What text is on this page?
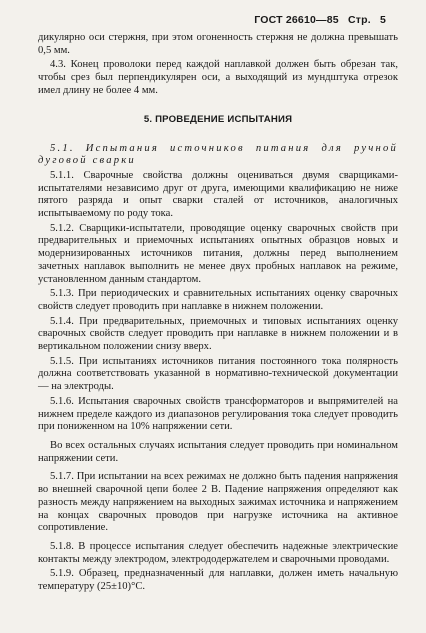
ГОСТ 26610—85 Стр. 5

дикулярно оси стержня, при этом огоненность стержня не должна превышать 0,5 мм.

4.3. Конец проволоки перед каждой наплавкой должен быть обрезан так, чтобы срез был перпендикулярен оси, а выходящий из мундштука отрезок имел длину не более 4 мм.

5. ПРОВЕДЕНИЕ ИСПЫТАНИЯ

5.1. Испытания источников питания для ручной дуговой сварки

5.1.1. Сварочные свойства должны оцениваться двумя сварщиками-испытателями независимо друг от друга, имеющими квалификацию не ниже пятого разряда и опыт сварки сталей от источников, аналогичных испытываемому по роду тока.

5.1.2. Сварщики-испытатели, проводящие оценку сварочных свойств при предварительных и приемочных испытаниях опытных образцов новых и модернизированных источников питания, должны перед выполнением зачетных наплавок выполнить не менее двух пробных наплавок на режиме, установленном данным стандартом.

5.1.3. При периодических и сравнительных испытаниях оценку сварочных свойств следует проводить при наплавке в нижнем положении.

5.1.4. При предварительных, приемочных и типовых испытаниях оценку сварочных свойств следует проводить при наплавке в нижнем положении и в вертикальном положении снизу вверх.

5.1.5. При испытаниях источников питания постоянного тока полярность должна соответствовать указанной в нормативно-технической документации — на электроды.

5.1.6. Испытания сварочных свойств трансформаторов и выпрямителей на нижнем пределе каждого из диапазонов регулирования тока следует проводить при пониженном на 10% напряжении сети.

Во всех остальных случаях испытания следует проводить при номинальном напряжении сети.

5.1.7. При испытании на всех режимах не должно быть падения напряжения во внешней сварочной цепи более 2 В. Падение напряжения определяют как разность между напряжением на выходных зажимах источника и напряжением на концах сварочных проводов при нагрузке источника на активное сопротивление.

5.1.8. В процессе испытания следует обеспечить надежные электрические контакты между электродом, электрододержателем и сварочными проводами.

5.1.9. Образец, предназначенный для наплавки, должен иметь начальную температуру (25±10)°С.
